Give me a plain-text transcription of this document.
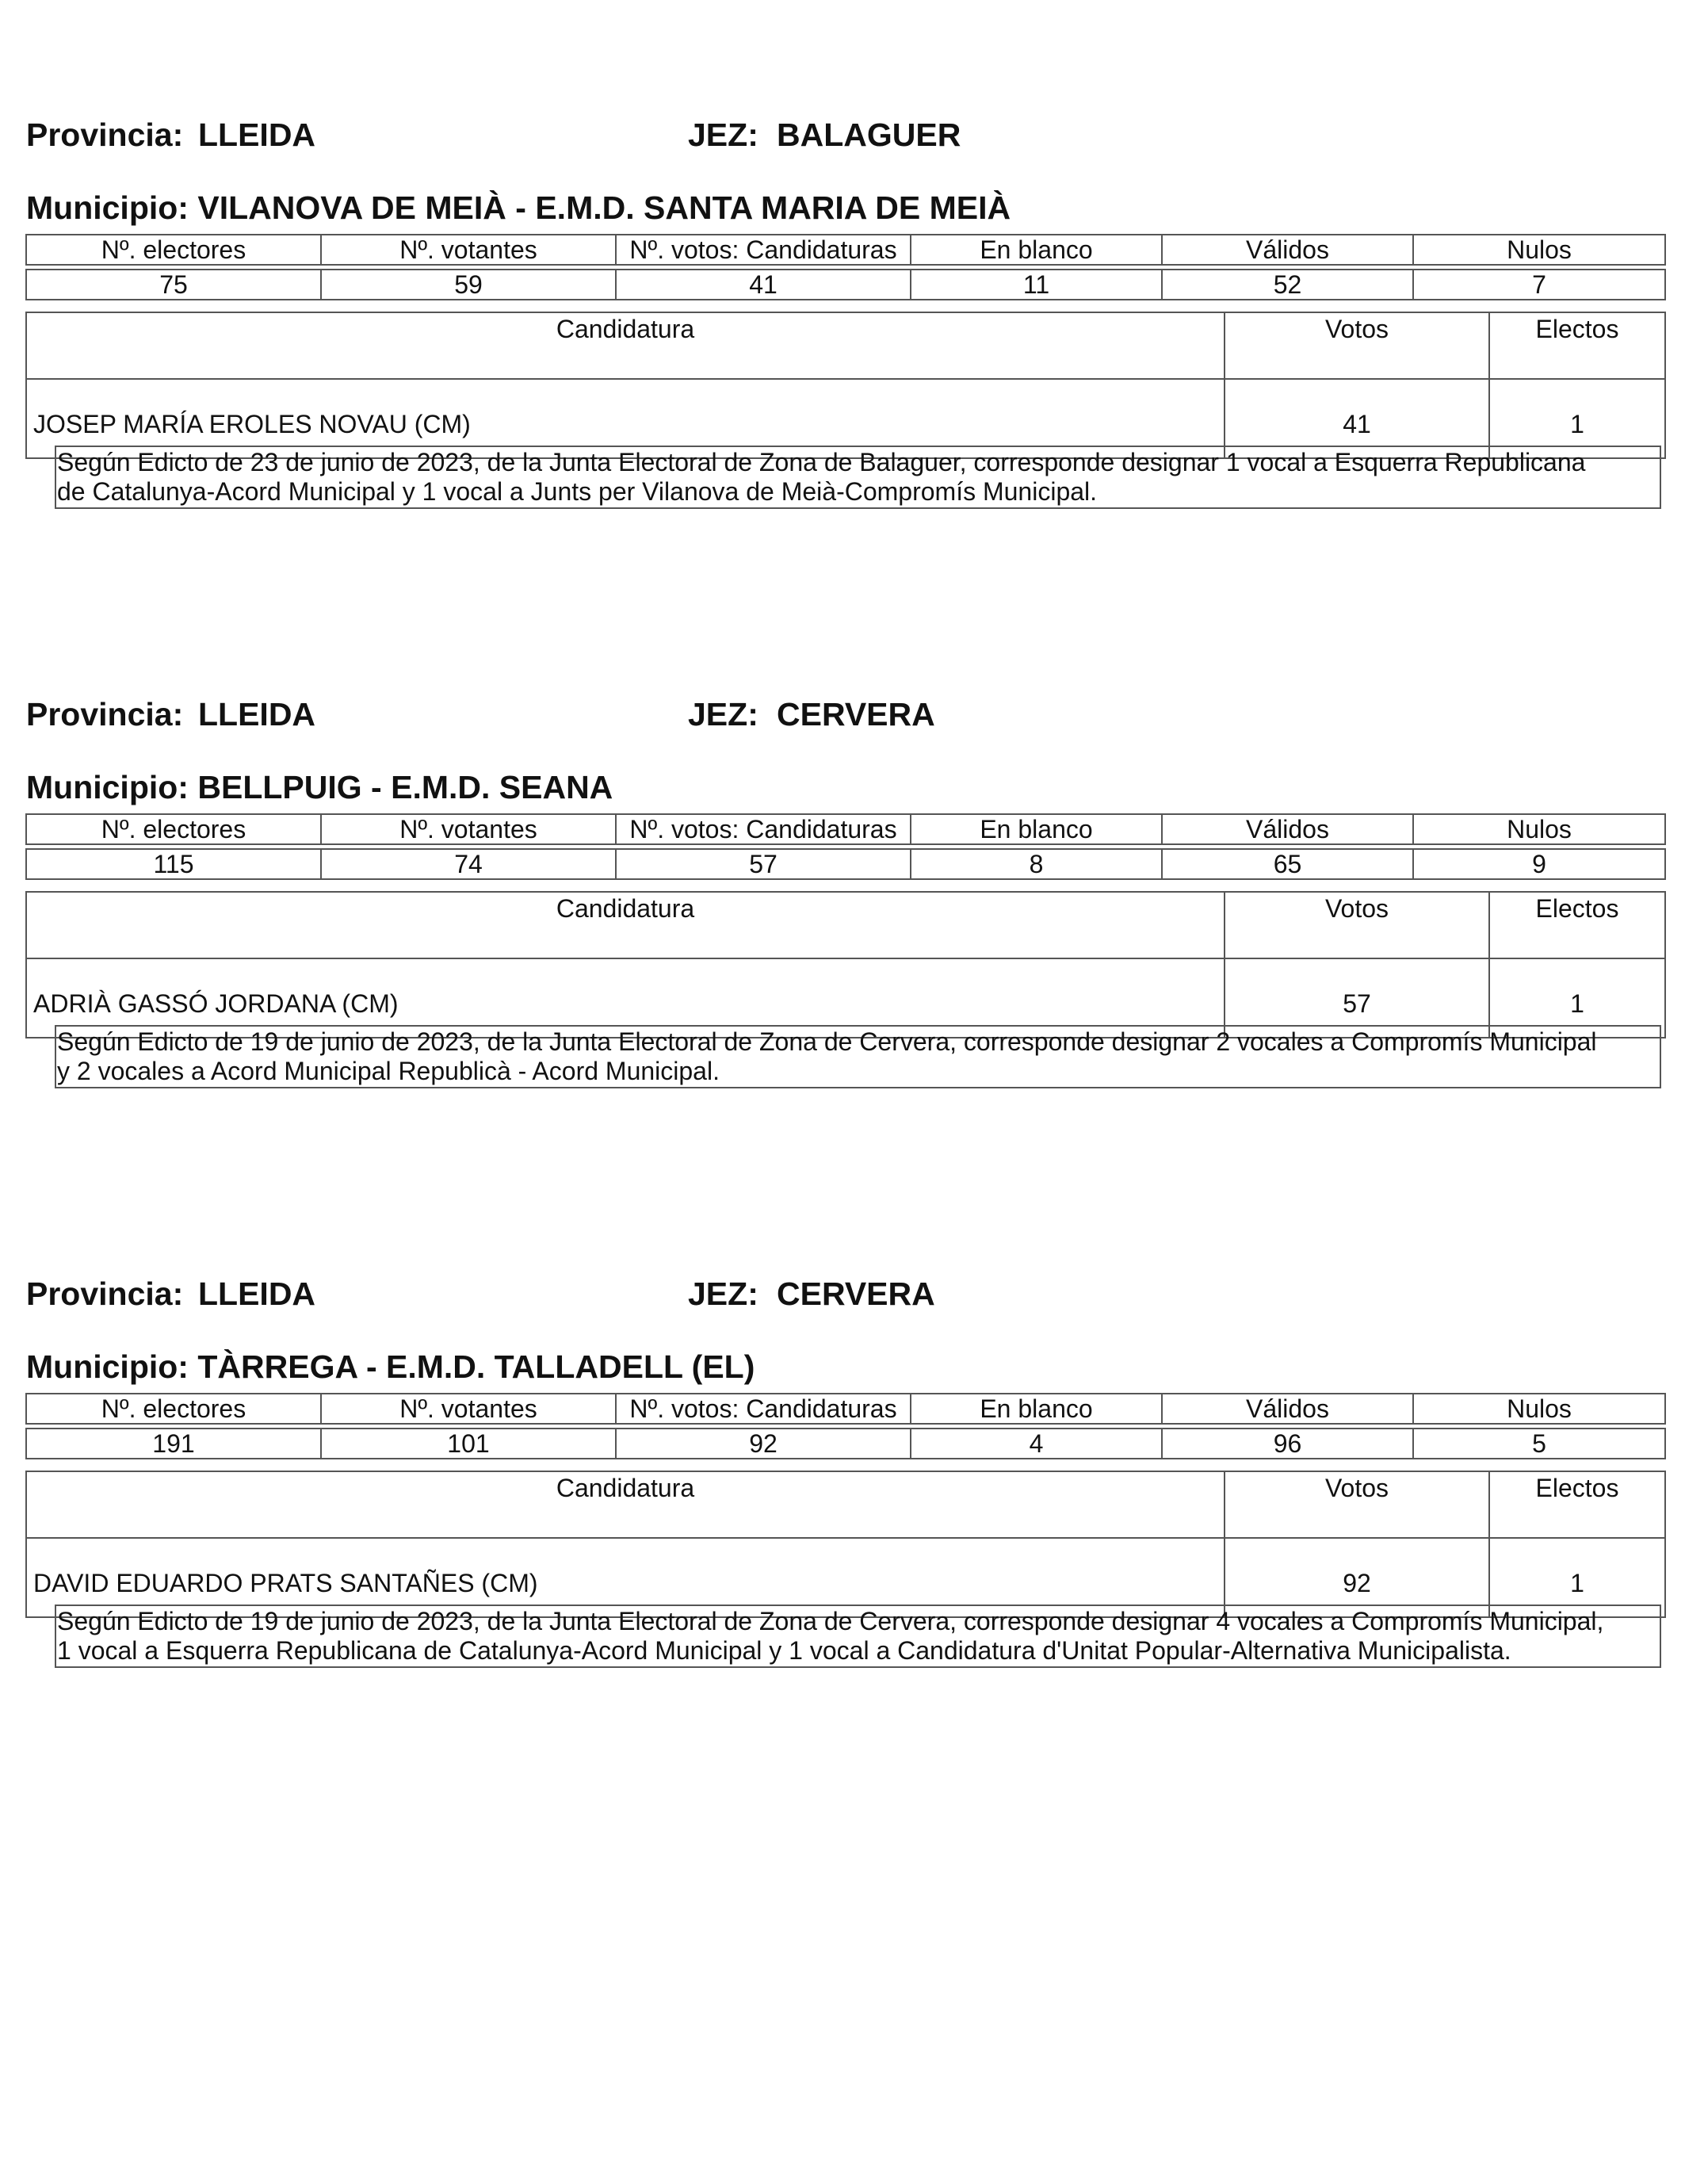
Provincia: LLEIDA	JEZ: BALAGUER
Municipio: VILANOVA DE MEIÀ - E.M.D. SANTA MARIA DE MEIÀ
Nº. electores	Nº. votantes	Nº. votos: Candidaturas	En blanco	Válidos	Nulos

75	59	41	11	52	7
Candidatura	Votos	Electos
JOSEP MARÍA EROLES NOVAU (CM)	41	1
Según Edicto de 23 de junio de 2023, de la Junta Electoral de Zona de Balaguer, corresponde designar 1 vocal a Esquerra Republicana
de Catalunya-Acord Municipal y 1 vocal a Junts per Vilanova de Meià-Compromís Municipal.
Provincia: LLEIDA	JEZ: CERVERA
Municipio: BELLPUIG - E.M.D. SEANA
Nº. electores	Nº. votantes	Nº. votos: Candidaturas	En blanco	Válidos	Nulos

115	74	57	8	65	9
Candidatura	Votos	Electos
ADRIÀ GASSÓ JORDANA (CM)	57	1
Según Edicto de 19 de junio de 2023, de la Junta Electoral de Zona de Cervera, corresponde designar 2 vocales a Compromís Municipal
y 2 vocales a Acord Municipal Republicà - Acord Municipal.
Provincia: LLEIDA	JEZ: CERVERA
Municipio: TÀRREGA - E.M.D. TALLADELL (EL)
Nº. electores	Nº. votantes	Nº. votos: Candidaturas	En blanco	Válidos	Nulos

191	101	92	4	96	5
Candidatura	Votos	Electos
DAVID EDUARDO PRATS SANTAÑES (CM)	92	1
Según Edicto de 19 de junio de 2023, de la Junta Electoral de Zona de Cervera, corresponde designar 4 vocales a Compromís Municipal,
1 vocal a Esquerra Republicana de Catalunya-Acord Municipal y 1 vocal a Candidatura d'Unitat Popular-Alternativa Municipalista.
